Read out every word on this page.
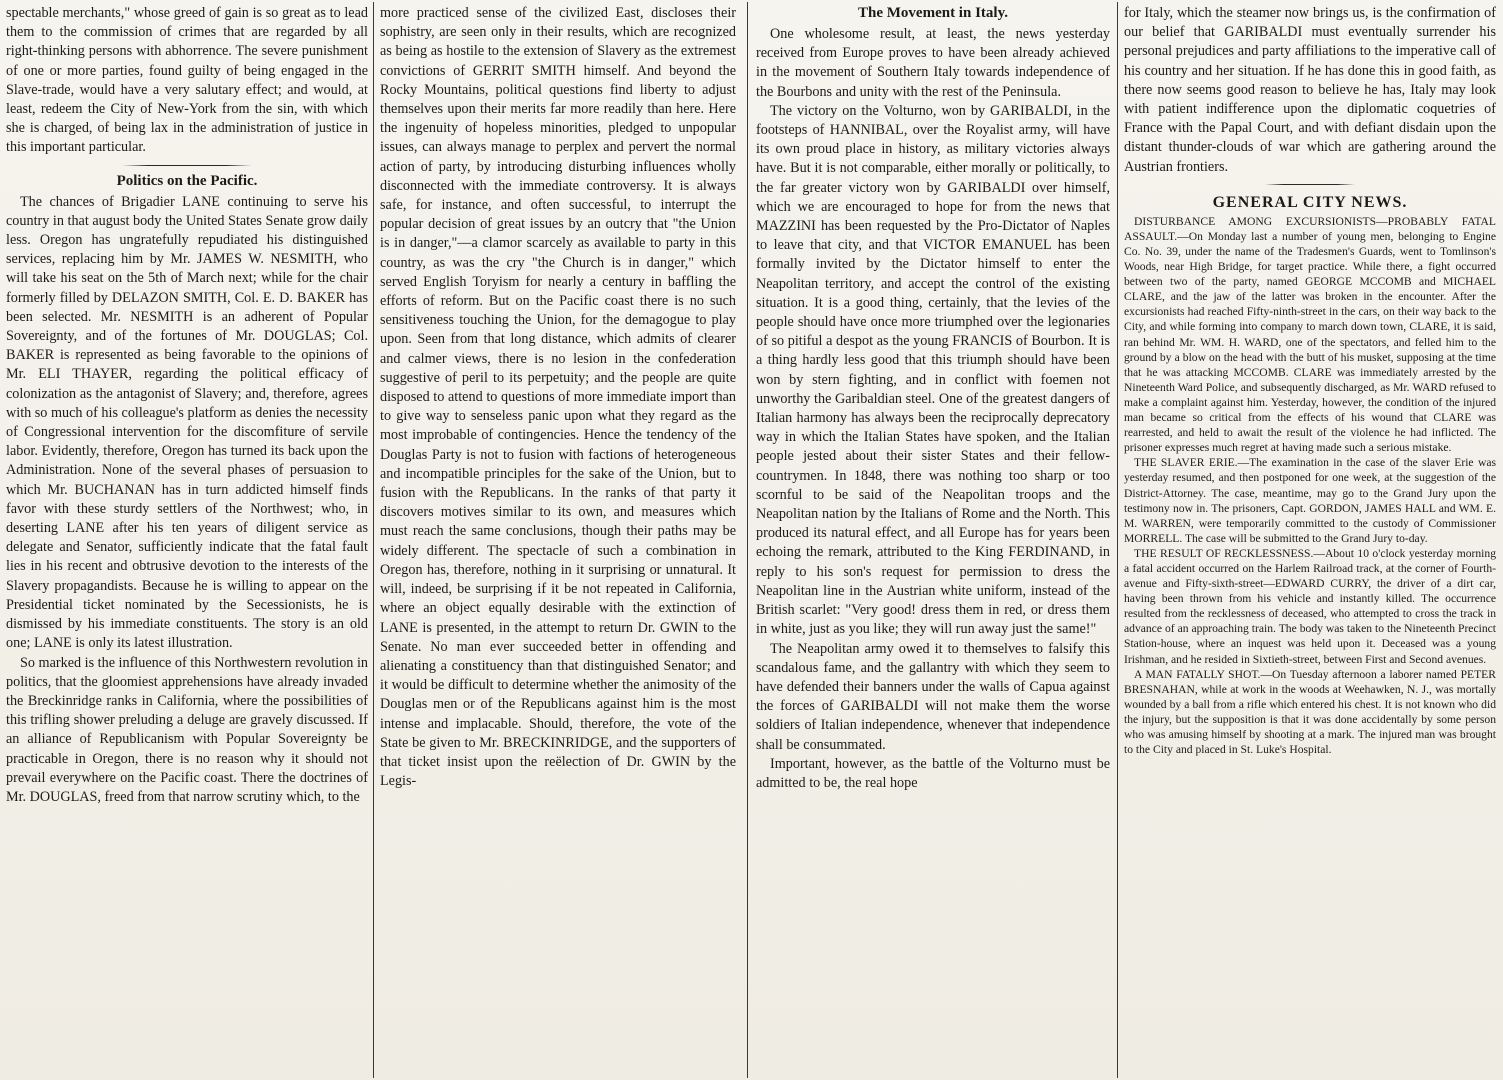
spectable merchants," whose greed of gain is so great as to lead them to the commission of crimes that are regarded by all right-thinking persons with abhorrence. The severe punishment of one or more parties, found guilty of being engaged in the Slave-trade, would have a very salutary effect; and would, at least, redeem the City of New-York from the sin, with which she is charged, of being lax in the administration of justice in this important particular.

Politics on the Pacific.

The chances of Brigadier LANE continuing to serve his country in that august body the United States Senate grow daily less. Oregon has ungratefully repudiated his distinguished services, replacing him by Mr. JAMES W. NESMITH, who will take his seat on the 5th of March next; while for the chair formerly filled by DELAZON SMITH, Col. E. D. BAKER has been selected. Mr. NESMITH is an adherent of Popular Sovereignty, and of the fortunes of Mr. DOUGLAS; Col. BAKER is represented as being favorable to the opinions of Mr. ELI THAYER, regarding the political efficacy of colonization as the antagonist of Slavery; and, therefore, agrees with so much of his colleague's platform as denies the necessity of Congressional intervention for the discomfiture of servile labor. Evidently, therefore, Oregon has turned its back upon the Administration. None of the several phases of persuasion to which Mr. BUCHANAN has in turn addicted himself finds favor with these sturdy settlers of the Northwest; who, in deserting LANE after his ten years of diligent service as delegate and Senator, sufficiently indicate that the fatal fault lies in his recent and obtrusive devotion to the interests of the Slavery propagandists. Because he is willing to appear on the Presidential ticket nominated by the Secessionists, he is dismissed by his immediate constituents. The story is an old one; LANE is only its latest illustration.

So marked is the influence of this Northwestern revolution in politics, that the gloomiest apprehensions have already invaded the Breckinridge ranks in California, where the possibilities of this trifling shower preluding a deluge are gravely discussed. If an alliance of Republicanism with Popular Sovereignty be practicable in Oregon, there is no reason why it should not prevail everywhere on the Pacific coast. There the doctrines of Mr. DOUGLAS, freed from that narrow scrutiny which, to the

more practiced sense of the civilized East, discloses their sophistry, are seen only in their results, which are recognized as being as hostile to the extension of Slavery as the extremest convictions of GERRIT SMITH himself. And beyond the Rocky Mountains, political questions find liberty to adjust themselves upon their merits far more readily than here. Here the ingenuity of hopeless minorities, pledged to unpopular issues, can always manage to perplex and pervert the normal action of party, by introducing disturbing influences wholly disconnected with the immediate controversy. It is always safe, for instance, and often successful, to interrupt the popular decision of great issues by an outcry that "the Union is in danger,"—a clamor scarcely as available to party in this country, as was the cry "the Church is in danger," which served English Toryism for nearly a century in baffling the efforts of reform. But on the Pacific coast there is no such sensitiveness touching the Union, for the demagogue to play upon. Seen from that long distance, which admits of clearer and calmer views, there is no lesion in the confederation suggestive of peril to its perpetuity; and the people are quite disposed to attend to questions of more immediate import than to give way to senseless panic upon what they regard as the most improbable of contingencies. Hence the tendency of the Douglas Party is not to fusion with factions of heterogeneous and incompatible principles for the sake of the Union, but to fusion with the Republicans. In the ranks of that party it discovers motives similar to its own, and measures which must reach the same conclusions, though their paths may be widely different. The spectacle of such a combination in Oregon has, therefore, nothing in it surprising or unnatural. It will, indeed, be surprising if it be not repeated in California, where an object equally desirable with the extinction of LANE is presented, in the attempt to return Dr. GWIN to the Senate. No man ever succeeded better in offending and alienating a constituency than that distinguished Senator; and it would be difficult to determine whether the animosity of the Douglas men or of the Republicans against him is the most intense and implacable. Should, therefore, the vote of the State be given to Mr. BRECKINRIDGE, and the supporters of that ticket insist upon the reëlection of Dr. GWIN by the Legis-

The Movement in Italy.

One wholesome result, at least, the news yesterday received from Europe proves to have been already achieved in the movement of Southern Italy towards independence of the Bourbons and unity with the rest of the Peninsula.

The victory on the Volturno, won by GARIBALDI, in the footsteps of HANNIBAL, over the Royalist army, will have its own proud place in history, as military victories always have. But it is not comparable, either morally or politically, to the far greater victory won by GARIBALDI over himself, which we are encouraged to hope for from the news that MAZZINI has been requested by the Pro-Dictator of Naples to leave that city, and that VICTOR EMANUEL has been formally invited by the Dictator himself to enter the Neapolitan territory, and accept the control of the existing situation. It is a good thing, certainly, that the levies of the people should have once more triumphed over the legionaries of so pitiful a despot as the young FRANCIS of Bourbon. It is a thing hardly less good that this triumph should have been won by stern fighting, and in conflict with foemen not unworthy the Garibaldian steel. One of the greatest dangers of Italian harmony has always been the reciprocally deprecatory way in which the Italian States have spoken, and the Italian people jested about their sister States and their fellow-countrymen. In 1848, there was nothing too sharp or too scornful to be said of the Neapolitan troops and the Neapolitan nation by the Italians of Rome and the North. This produced its natural effect, and all Europe has for years been echoing the remark, attributed to the King FERDINAND, in reply to his son's request for permission to dress the Neapolitan line in the Austrian white uniform, instead of the British scarlet: "Very good! dress them in red, or dress them in white, just as you like; they will run away just the same!"

The Neapolitan army owed it to themselves to falsify this scandalous fame, and the gallantry with which they seem to have defended their banners under the walls of Capua against the forces of GARIBALDI will not make them the worse soldiers of Italian independence, whenever that independence shall be consummated.

Important, however, as the battle of the Volturno must be admitted to be, the real hope

for Italy, which the steamer now brings us, is the confirmation of our belief that GARIBALDI must eventually surrender his personal prejudices and party affiliations to the imperative call of his country and her situation. If he has done this in good faith, as there now seems good reason to believe he has, Italy may look with patient indifference upon the diplomatic coquetries of France with the Papal Court, and with defiant disdain upon the distant thunder-clouds of war which are gathering around the Austrian frontiers.

GENERAL CITY NEWS.

DISTURBANCE AMONG EXCURSIONISTS—PROBABLY FATAL ASSAULT.—On Monday last a number of young men, belonging to Engine Co. No. 39, under the name of the Tradesmen's Guards, went to Tomlinson's Woods, near High Bridge, for target practice. While there, a fight occurred between two of the party, named GEORGE MCCOMB and MICHAEL CLARE, and the jaw of the latter was broken in the encounter. After the excursionists had reached Fifty-ninth-street in the cars, on their way back to the City, and while forming into company to march down town, CLARE, it is said, ran behind Mr. WM. H. WARD, one of the spectators, and felled him to the ground by a blow on the head with the butt of his musket, supposing at the time that he was attacking MCCOMB. CLARE was immediately arrested by the Nineteenth Ward Police, and subsequently discharged, as Mr. WARD refused to make a complaint against him. Yesterday, however, the condition of the injured man became so critical from the effects of his wound that CLARE was rearrested, and held to await the result of the violence he had inflicted. The prisoner expresses much regret at having made such a serious mistake.

THE SLAVER ERIE.—The examination in the case of the slaver Erie was yesterday resumed, and then postponed for one week, at the suggestion of the District-Attorney. The case, meantime, may go to the Grand Jury upon the testimony now in. The prisoners, Capt. GORDON, JAMES HALL and WM. E. M. WARREN, were temporarily committed to the custody of Commissioner MORRELL. The case will be submitted to the Grand Jury to-day.

THE RESULT OF RECKLESSNESS.—About 10 o'clock yesterday morning a fatal accident occurred on the Harlem Railroad track, at the corner of Fourth-avenue and Fifty-sixth-street—EDWARD CURRY, the driver of a dirt car, having been thrown from his vehicle and instantly killed. The occurrence resulted from the recklessness of deceased, who attempted to cross the track in advance of an approaching train. The body was taken to the Nineteenth Precinct Station-house, where an inquest was held upon it. Deceased was a young Irishman, and he resided in Sixtieth-street, between First and Second avenues.

A MAN FATALLY SHOT.—On Tuesday afternoon a laborer named PETER BRESNAHAN, while at work in the woods at Weehawken, N. J., was mortally wounded by a ball from a rifle which entered his chest. It is not known who did the injury, but the supposition is that it was done accidentally by some person who was amusing himself by shooting at a mark. The injured man was brought to the City and placed in St. Luke's Hospital.
